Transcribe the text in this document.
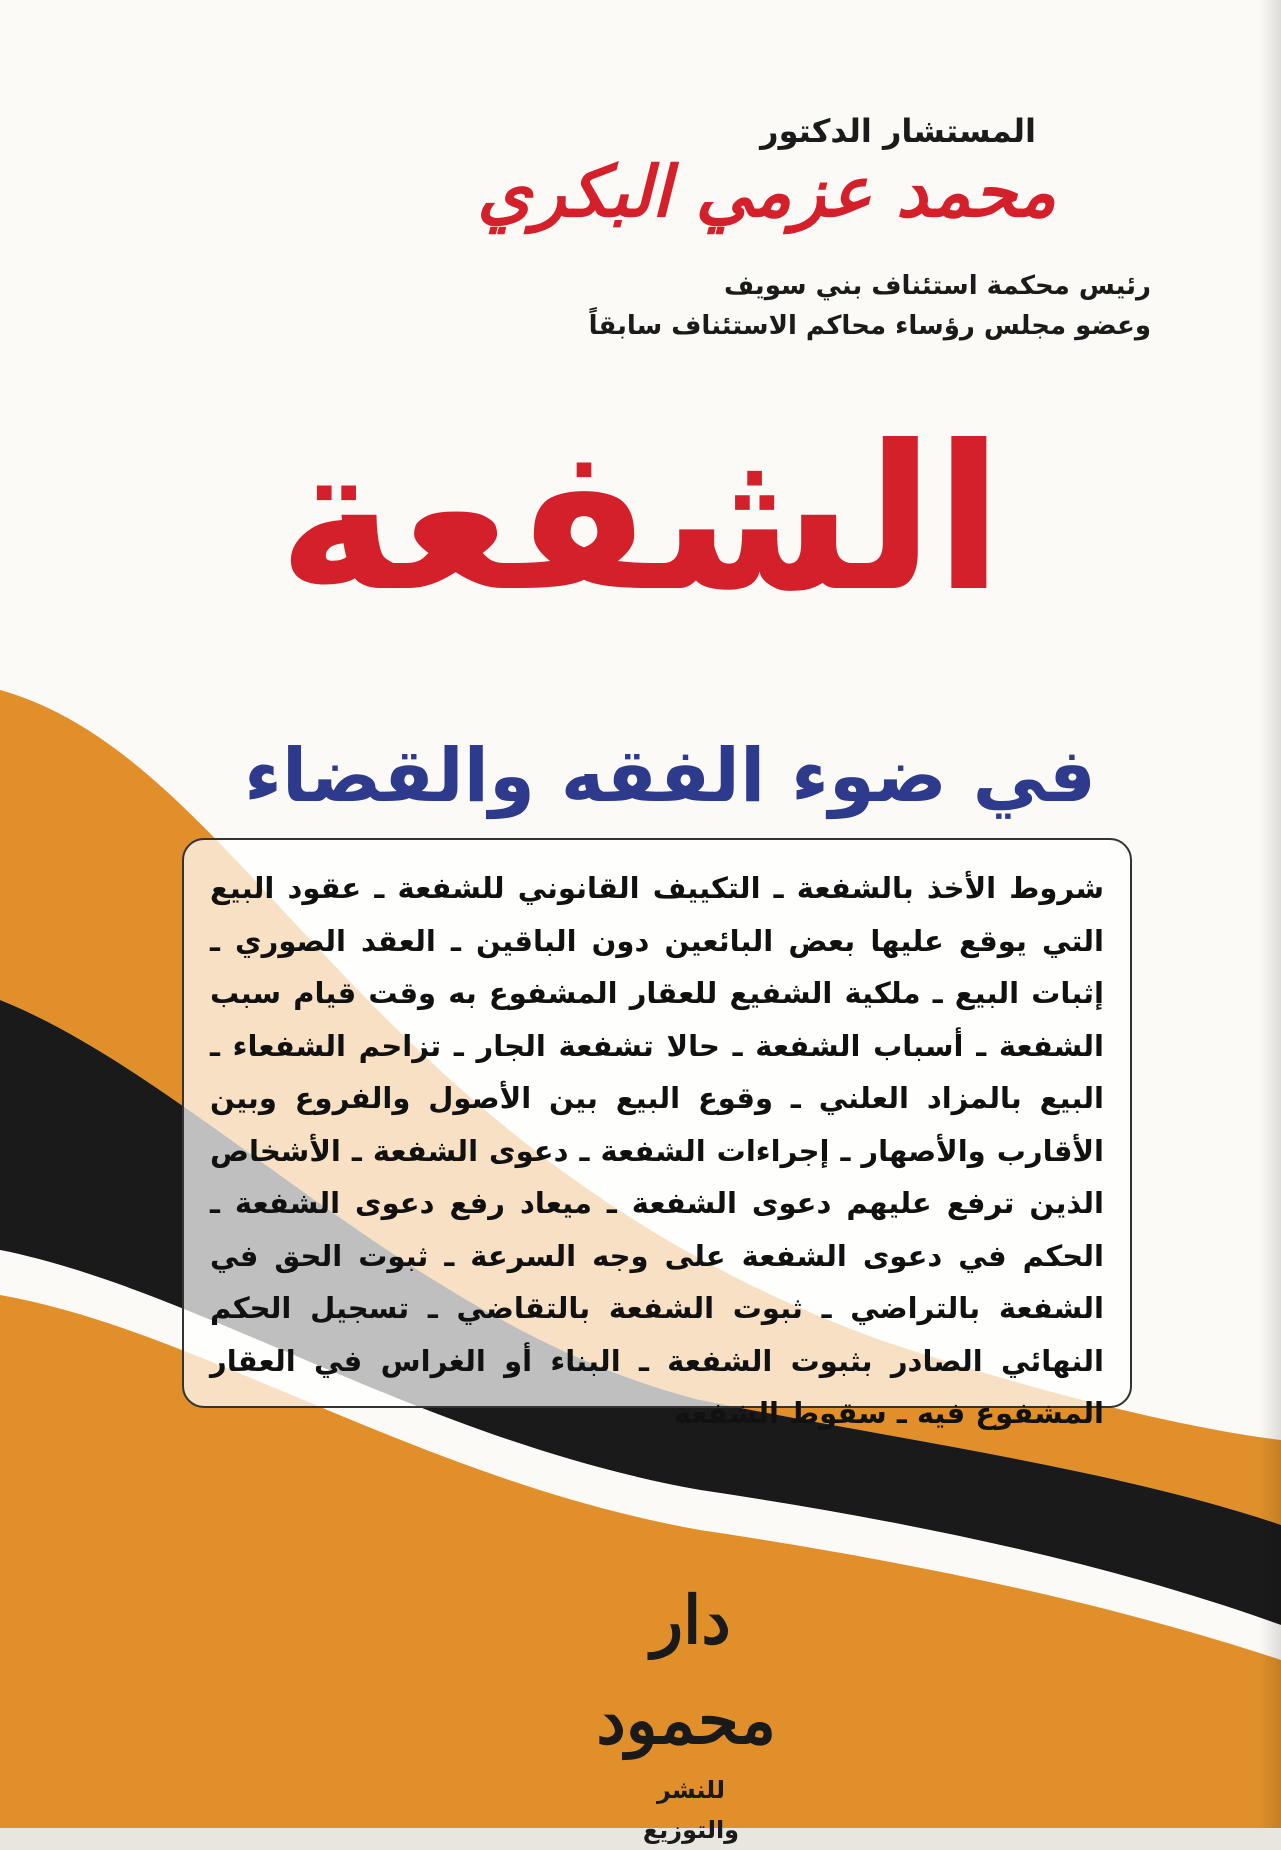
المستشار الدكتور
محمد عزمي البكري
رئيس محكمة استئناف بني سويف
وعضو مجلس رؤساء محاكم الاستئناف سابقاً
الشفعة
في ضوء الفقه والقضاء
شروط الأخذ بالشفعة ـ التكييف القانوني للشفعة ـ عقود البيع التي يوقع عليها بعض البائعين دون الباقين ـ العقد الصوري ـ إثبات البيع ـ ملكية الشفيع للعقار المشفوع به وقت قيام سبب الشفعة ـ أسباب الشفعة ـ حالا تشفعة الجار ـ تزاحم الشفعاء ـ البيع بالمزاد العلني ـ وقوع البيع بين الأصول والفروع وبين الأقارب والأصهار ـ إجراءات الشفعة ـ دعوى الشفعة ـ الأشخاص الذين ترفع عليهم دعوى الشفعة ـ ميعاد رفع دعوى الشفعة ـ الحكم في دعوى الشفعة على وجه السرعة ـ ثبوت الحق في الشفعة بالتراضي ـ ثبوت الشفعة بالتقاضي ـ تسجيل الحكم النهائي الصادر بثبوت الشفعة ـ البناء أو الغراس في العقار المشفوع فيه ـ سقوط الشفعة
دار محمود
للنشر والتوزيع
